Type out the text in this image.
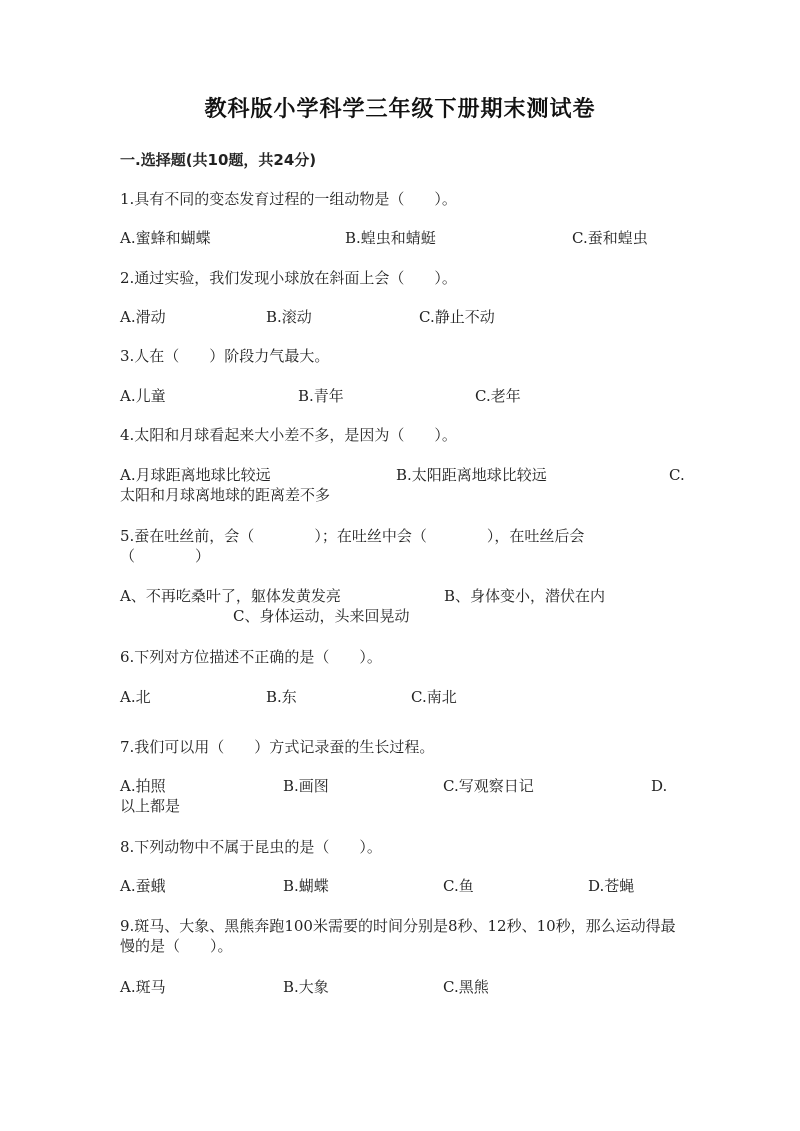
教科版小学科学三年级下册期末测试卷
一.选择题(共10题，共24分)
1.具有不同的变态发育过程的一组动物是（　　）。
A.蜜蜂和蝴蝶	B.蝗虫和蜻蜓	C.蚕和蝗虫
2.通过实验，我们发现小球放在斜面上会（　　）。
A.滑动	B.滚动	C.静止不动
3.人在（　　）阶段力气最大。
A.儿童	B.青年	C.老年
4.太阳和月球看起来大小差不多，是因为（　　）。
A.月球距离地球比较远	B.太阳距离地球比较远	C.
太阳和月球离地球的距离差不多
5.蚕在吐丝前，会（　　　　）；在吐丝中会（　　　　），在吐丝后会
（　　　　）
A、不再吃桑叶了，躯体发黄发亮	B、身体变小，潜伏在内
C、身体运动，头来回晃动
6.下列对方位描述不正确的是（　　）。
A.北	B.东	C.南北
7.我们可以用（　　）方式记录蚕的生长过程。
A.拍照	B.画图	C.写观察日记	D.
以上都是
8.下列动物中不属于昆虫的是（　　）。
A.蚕蛾	B.蝴蝶	C.鱼	D.苍蝇
9.斑马、大象、黑熊奔跑100米需要的时间分别是8秒、12秒、10秒，那么运动得最慢的是（　　）。
A.斑马	B.大象	C.黑熊
